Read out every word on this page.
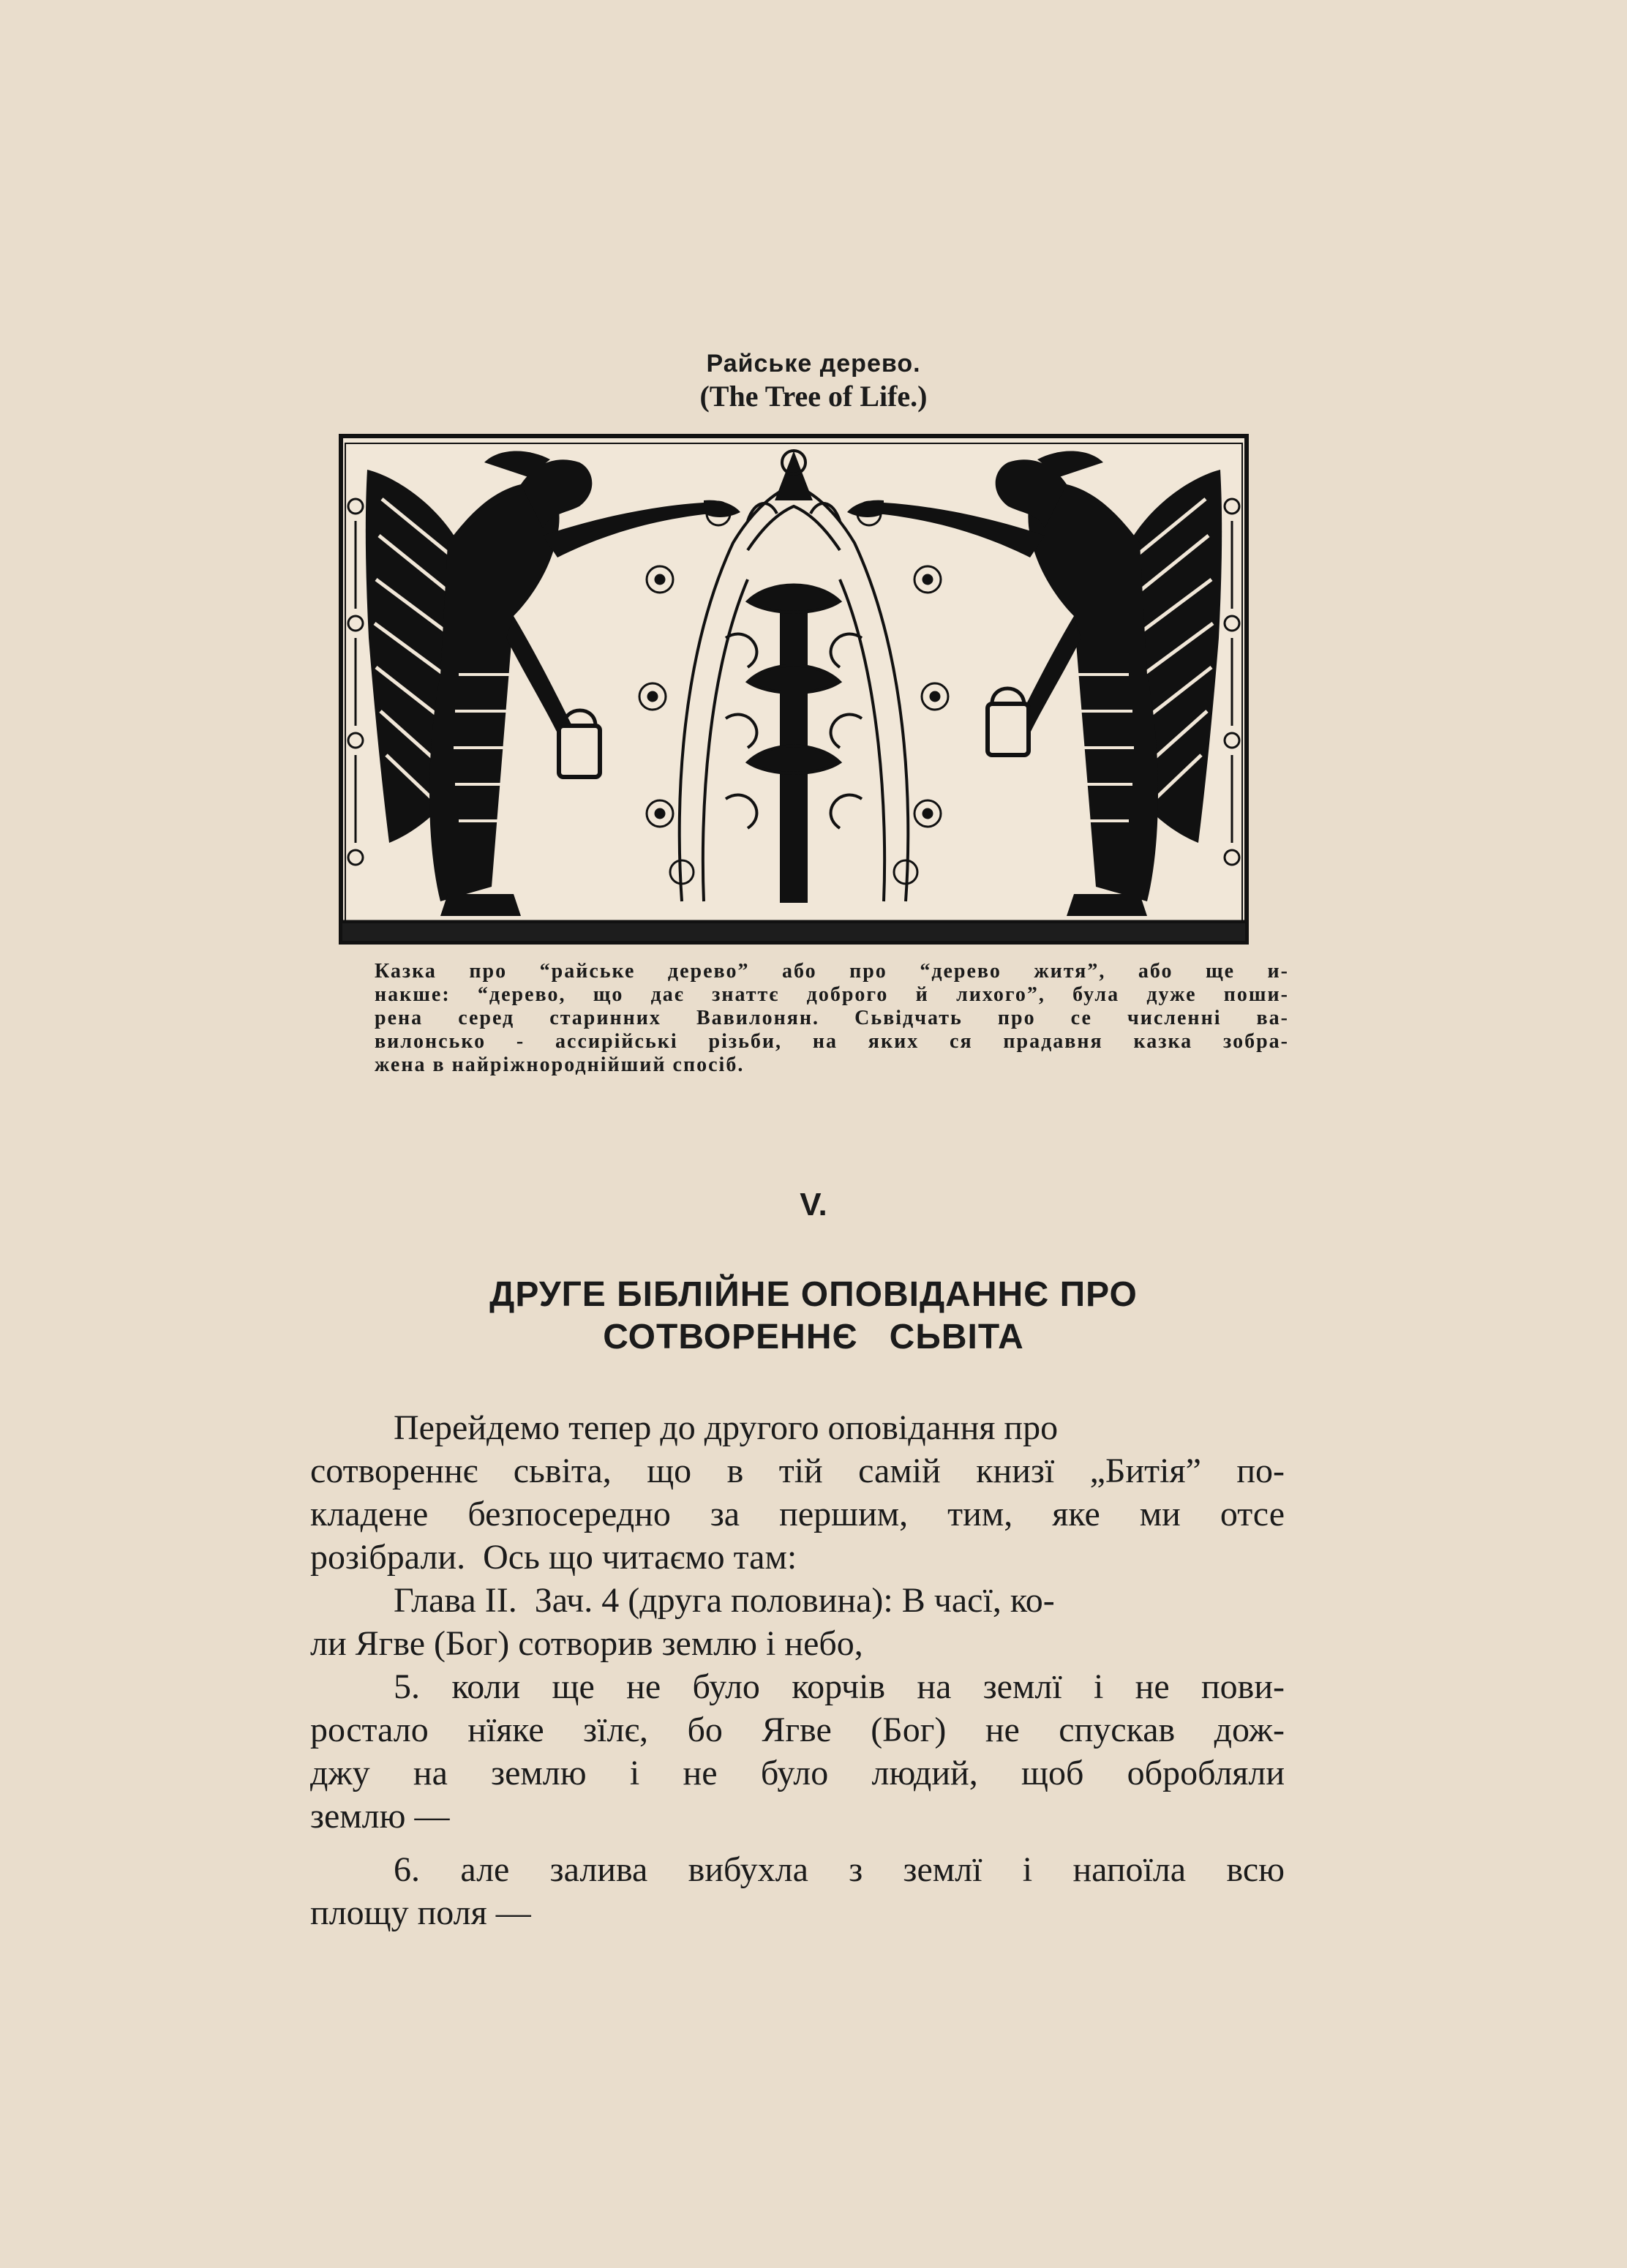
Райське дерево.
(The Tree of Life.)
Казка про “райське дерево” або про “дерево житя”, або ще и-
накше: “дерево, що дає знаттє доброго й лихого”, була дуже поши-
рена серед старинних Вавилонян. Сьвідчать про се численні ва-
вилонсько - ассирійські різьби, на яких ся прадавня казка зобра-
жена в найріжнороднійший спосіб.
V.
ДРУГЕ БІБЛІЙНЕ ОПОВІДАННЄ ПРО
СОТВОРЕННЄ   СЬВІТА
Перейдемо тепер до другого оповідання про
сотвореннє сьвіта, що в тій самій книзї „Битія” по-
кладене безпосередно за першим, тим, яке ми отсе
розібрали.  Ось що читаємо там:
Глава II.  Зач. 4 (друга половина): В часї, ко-
ли Ягве (Бог) сотворив землю і небо,
5. коли ще не було корчів на землї і не пови-
ростало нїяке зїлє, бо Ягве (Бог) не спускав дож-
джу на землю і не було людий, щоб обробляли
землю —
6. але залива вибухла з землї і напоїла всю
площу поля —
